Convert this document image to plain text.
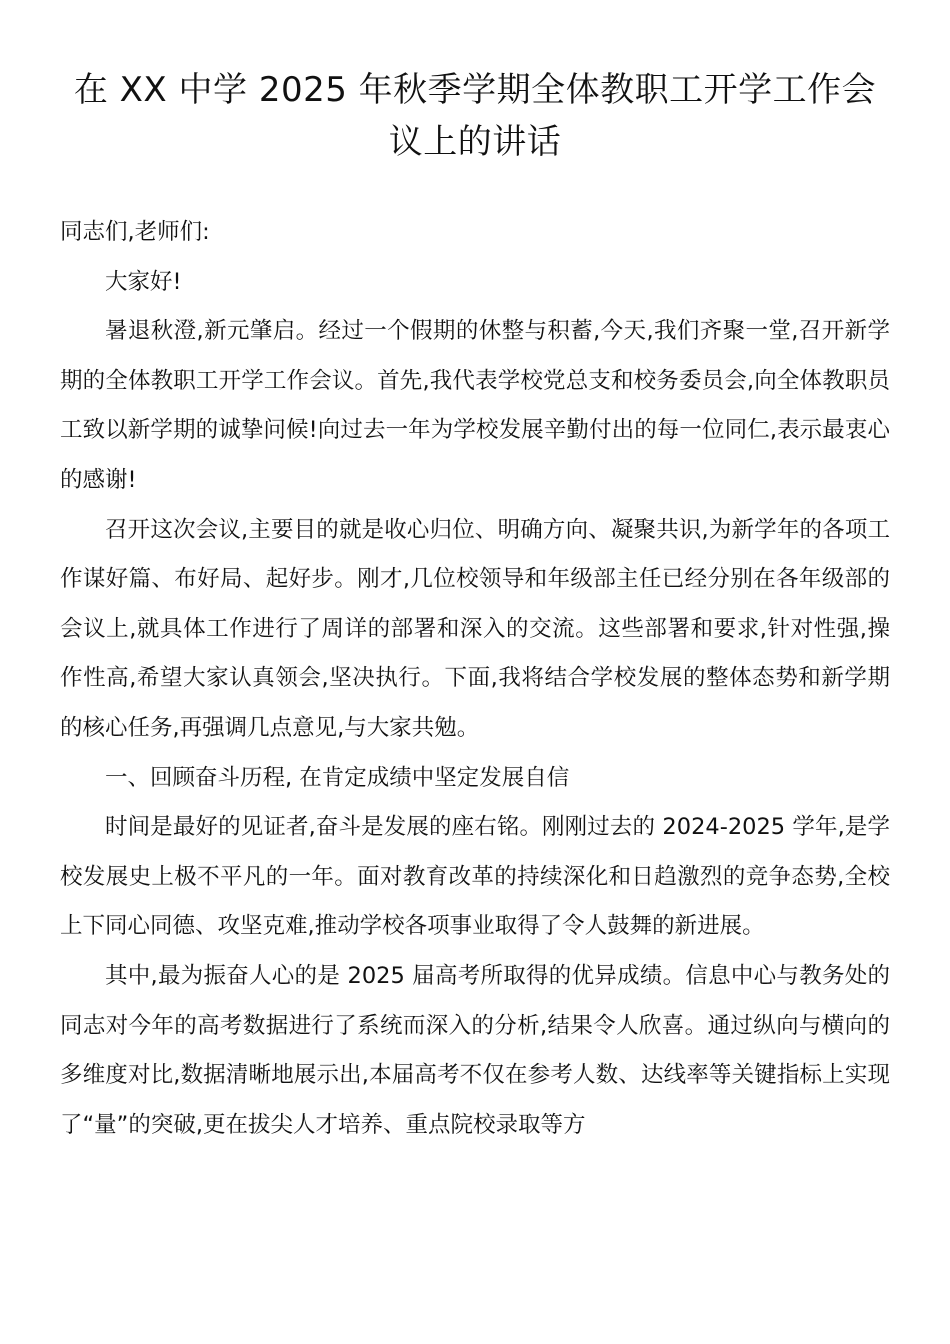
在 XX 中学 2025 年秋季学期全体教职工开学工作会议上的讲话

同志们,老师们:

大家好!

暑退秋澄,新元肇启。经过一个假期的休整与积蓄,今天,我们齐聚一堂,召开新学期的全体教职工开学工作会议。首先,我代表学校党总支和校务委员会,向全体教职员工致以新学期的诚挚问候!向过去一年为学校发展辛勤付出的每一位同仁,表示最衷心的感谢!

召开这次会议,主要目的就是收心归位、明确方向、凝聚共识,为新学年的各项工作谋好篇、布好局、起好步。刚才,几位校领导和年级部主任已经分别在各年级部的会议上,就具体工作进行了周详的部署和深入的交流。这些部署和要求,针对性强,操作性高,希望大家认真领会,坚决执行。下面,我将结合学校发展的整体态势和新学期的核心任务,再强调几点意见,与大家共勉。

一、回顾奋斗历程, 在肯定成绩中坚定发展自信

时间是最好的见证者,奋斗是发展的座右铭。刚刚过去的 2024-2025 学年,是学校发展史上极不平凡的一年。面对教育改革的持续深化和日趋激烈的竞争态势,全校上下同心同德、攻坚克难,推动学校各项事业取得了令人鼓舞的新进展。

其中,最为振奋人心的是 2025 届高考所取得的优异成绩。信息中心与教务处的同志对今年的高考数据进行了系统而深入的分析,结果令人欣喜。通过纵向与横向的多维度对比,数据清晰地展示出,本届高考不仅在参考人数、达线率等关键指标上实现了“量”的突破,更在拔尖人才培养、重点院校录取等方
